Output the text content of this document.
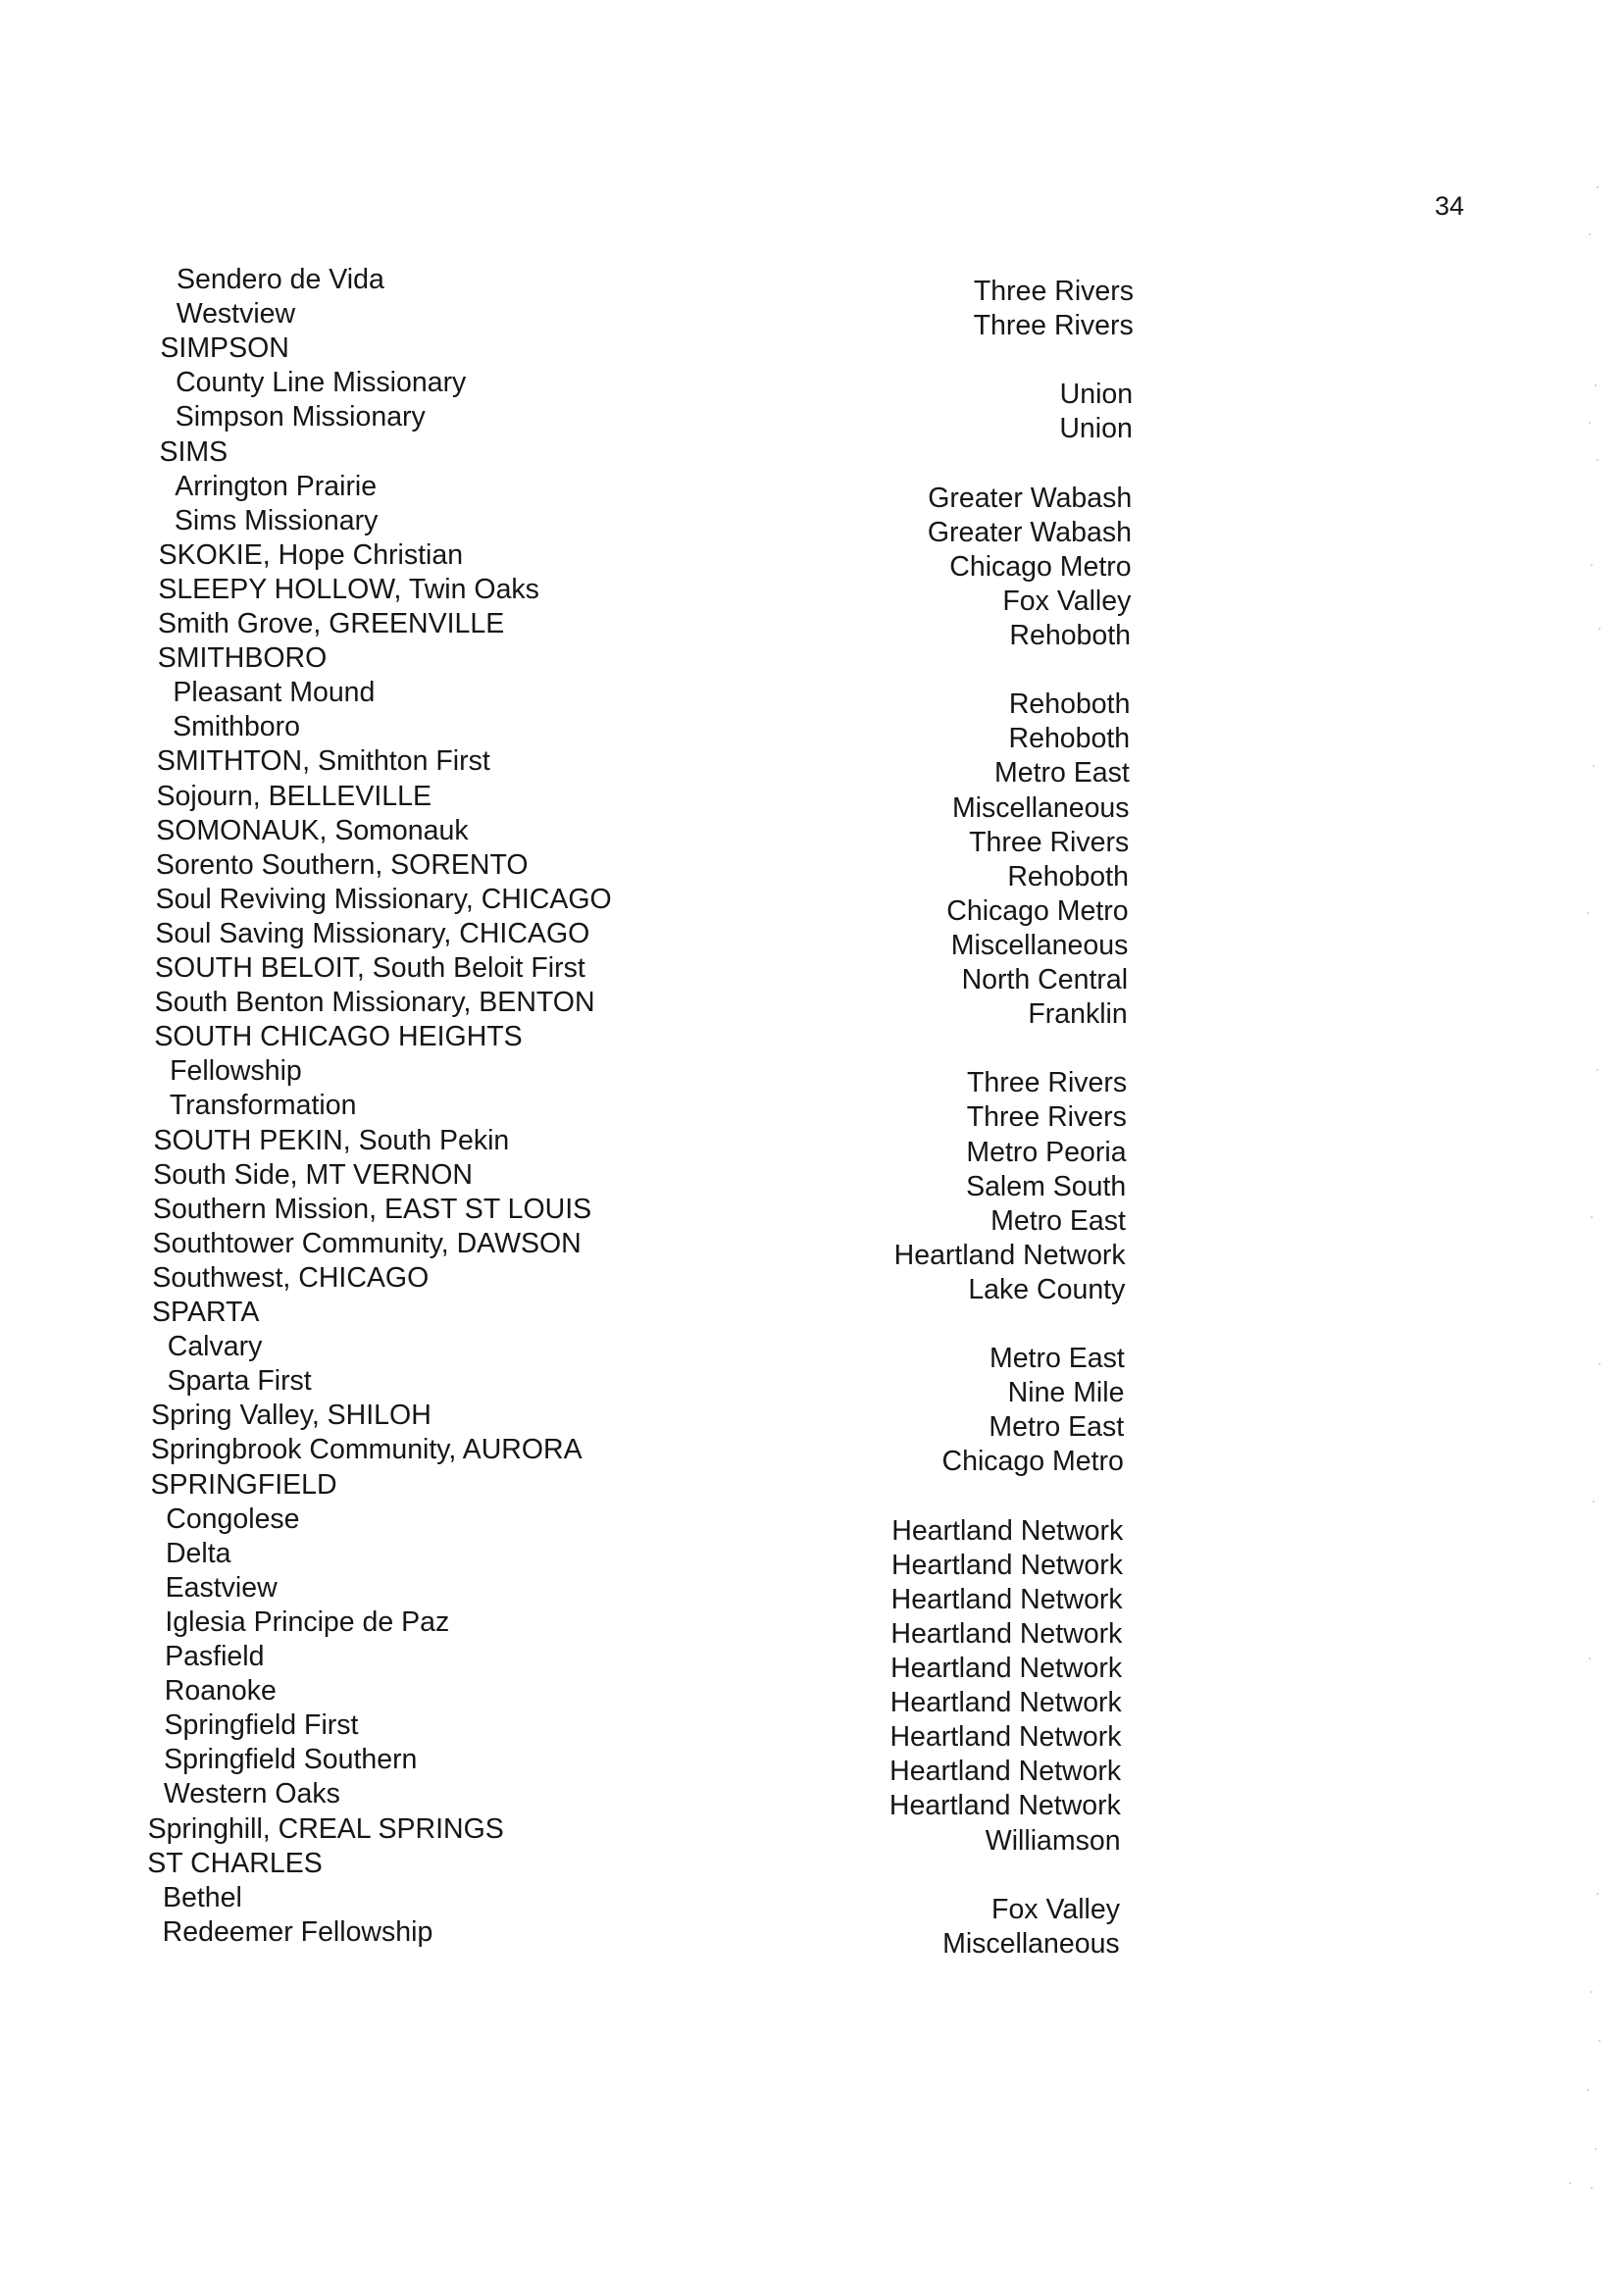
34
Sendero de Vida	Three Rivers
Westview	Three Rivers
SIMPSON
County Line Missionary	Union
Simpson Missionary	Union
SIMS
Arrington Prairie	Greater Wabash
Sims Missionary	Greater Wabash
SKOKIE, Hope Christian	Chicago Metro
SLEEPY HOLLOW, Twin Oaks	Fox Valley
Smith Grove, GREENVILLE	Rehoboth
SMITHBORO
Pleasant Mound	Rehoboth
Smithboro	Rehoboth
SMITHTON, Smithton First	Metro East
Sojourn, BELLEVILLE	Miscellaneous
SOMONAUK, Somonauk	Three Rivers
Sorento Southern, SORENTO	Rehoboth
Soul Reviving Missionary, CHICAGO	Chicago Metro
Soul Saving Missionary, CHICAGO	Miscellaneous
SOUTH BELOIT, South Beloit First	North Central
South Benton Missionary, BENTON	Franklin
SOUTH CHICAGO HEIGHTS
Fellowship	Three Rivers
Transformation	Three Rivers
SOUTH PEKIN, South Pekin	Metro Peoria
South Side, MT VERNON	Salem South
Southern Mission, EAST ST LOUIS	Metro East
Southtower Community, DAWSON	Heartland Network
Southwest, CHICAGO	Lake County
SPARTA
Calvary	Metro East
Sparta First	Nine Mile
Spring Valley, SHILOH	Metro East
Springbrook Community, AURORA	Chicago Metro
SPRINGFIELD
Congolese	Heartland Network
Delta	Heartland Network
Eastview	Heartland Network
Iglesia Principe de Paz	Heartland Network
Pasfield	Heartland Network
Roanoke	Heartland Network
Springfield First	Heartland Network
Springfield Southern	Heartland Network
Western Oaks	Heartland Network
Springhill, CREAL SPRINGS	Williamson
ST CHARLES
Bethel	Fox Valley
Redeemer Fellowship	Miscellaneous
